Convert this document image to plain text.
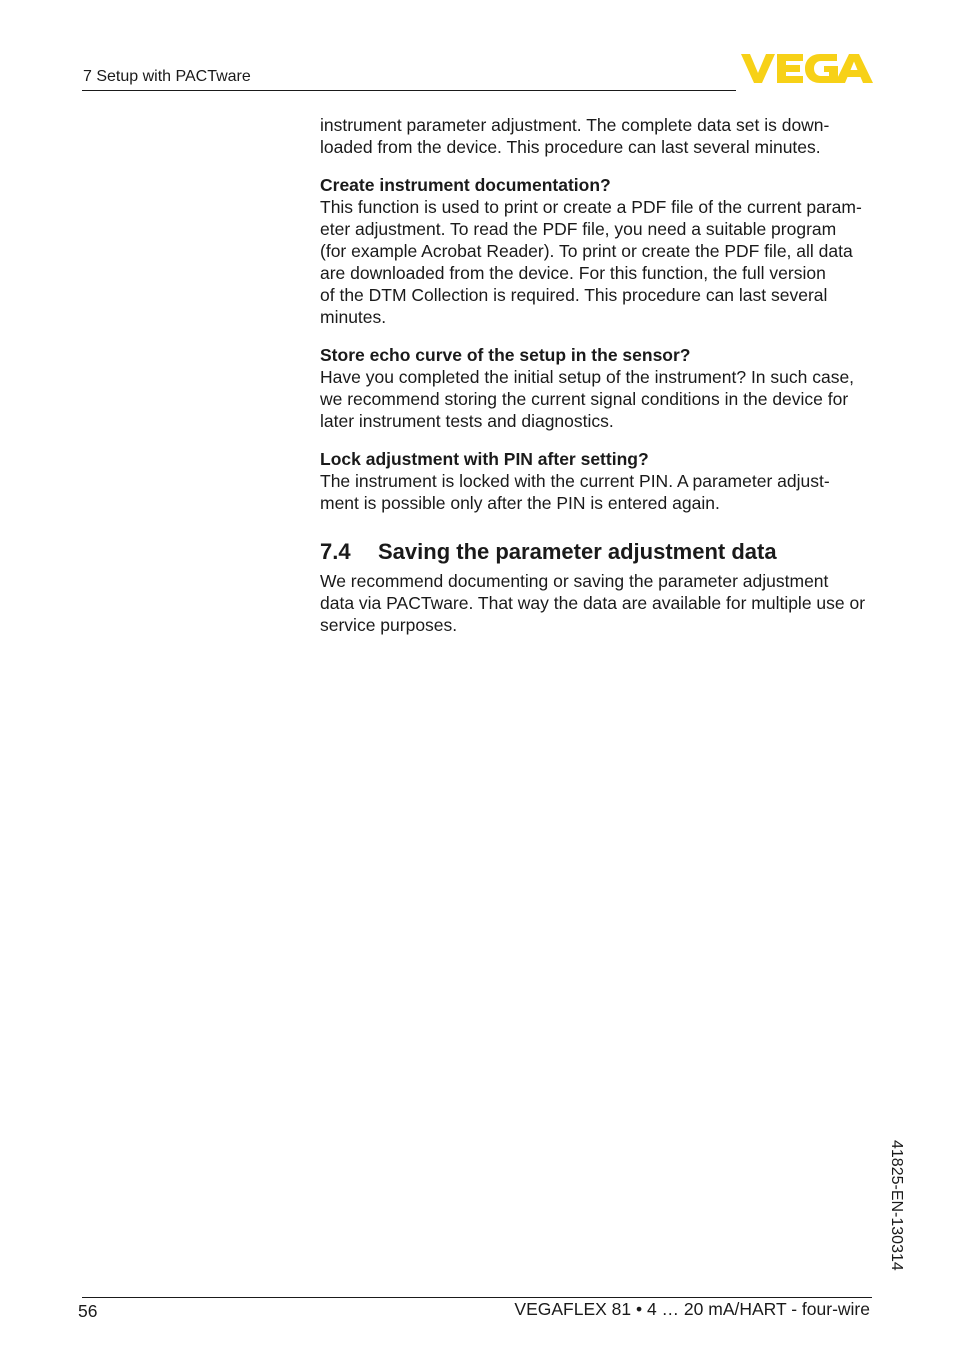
7 Setup with PACTware

instrument parameter adjustment. The complete data set is down-
loaded from the device. This procedure can last several minutes.

Create instrument documentation?
This function is used to print or create a PDF file of the current param-
eter adjustment. To read the PDF file, you need a suitable program
(for example Acrobat Reader). To print or create the PDF file, all data
are downloaded from the device. For this function, the full version
of the DTM Collection is required. This procedure can last several
minutes.

Store echo curve of the setup in the sensor?
Have you completed the initial setup of the instrument? In such case,
we recommend storing the current signal conditions in the device for
later instrument tests and diagnostics.

Lock adjustment with PIN after setting?
The instrument is locked with the current PIN. A parameter adjust-
ment is possible only after the PIN is entered again.

7.4 Saving the parameter adjustment data

We recommend documenting or saving the parameter adjustment
data via PACTware. That way the data are available for multiple use or
service purposes.

41825-EN-130314
56	VEGAFLEX 81 • 4 … 20 mA/HART - four-wire
